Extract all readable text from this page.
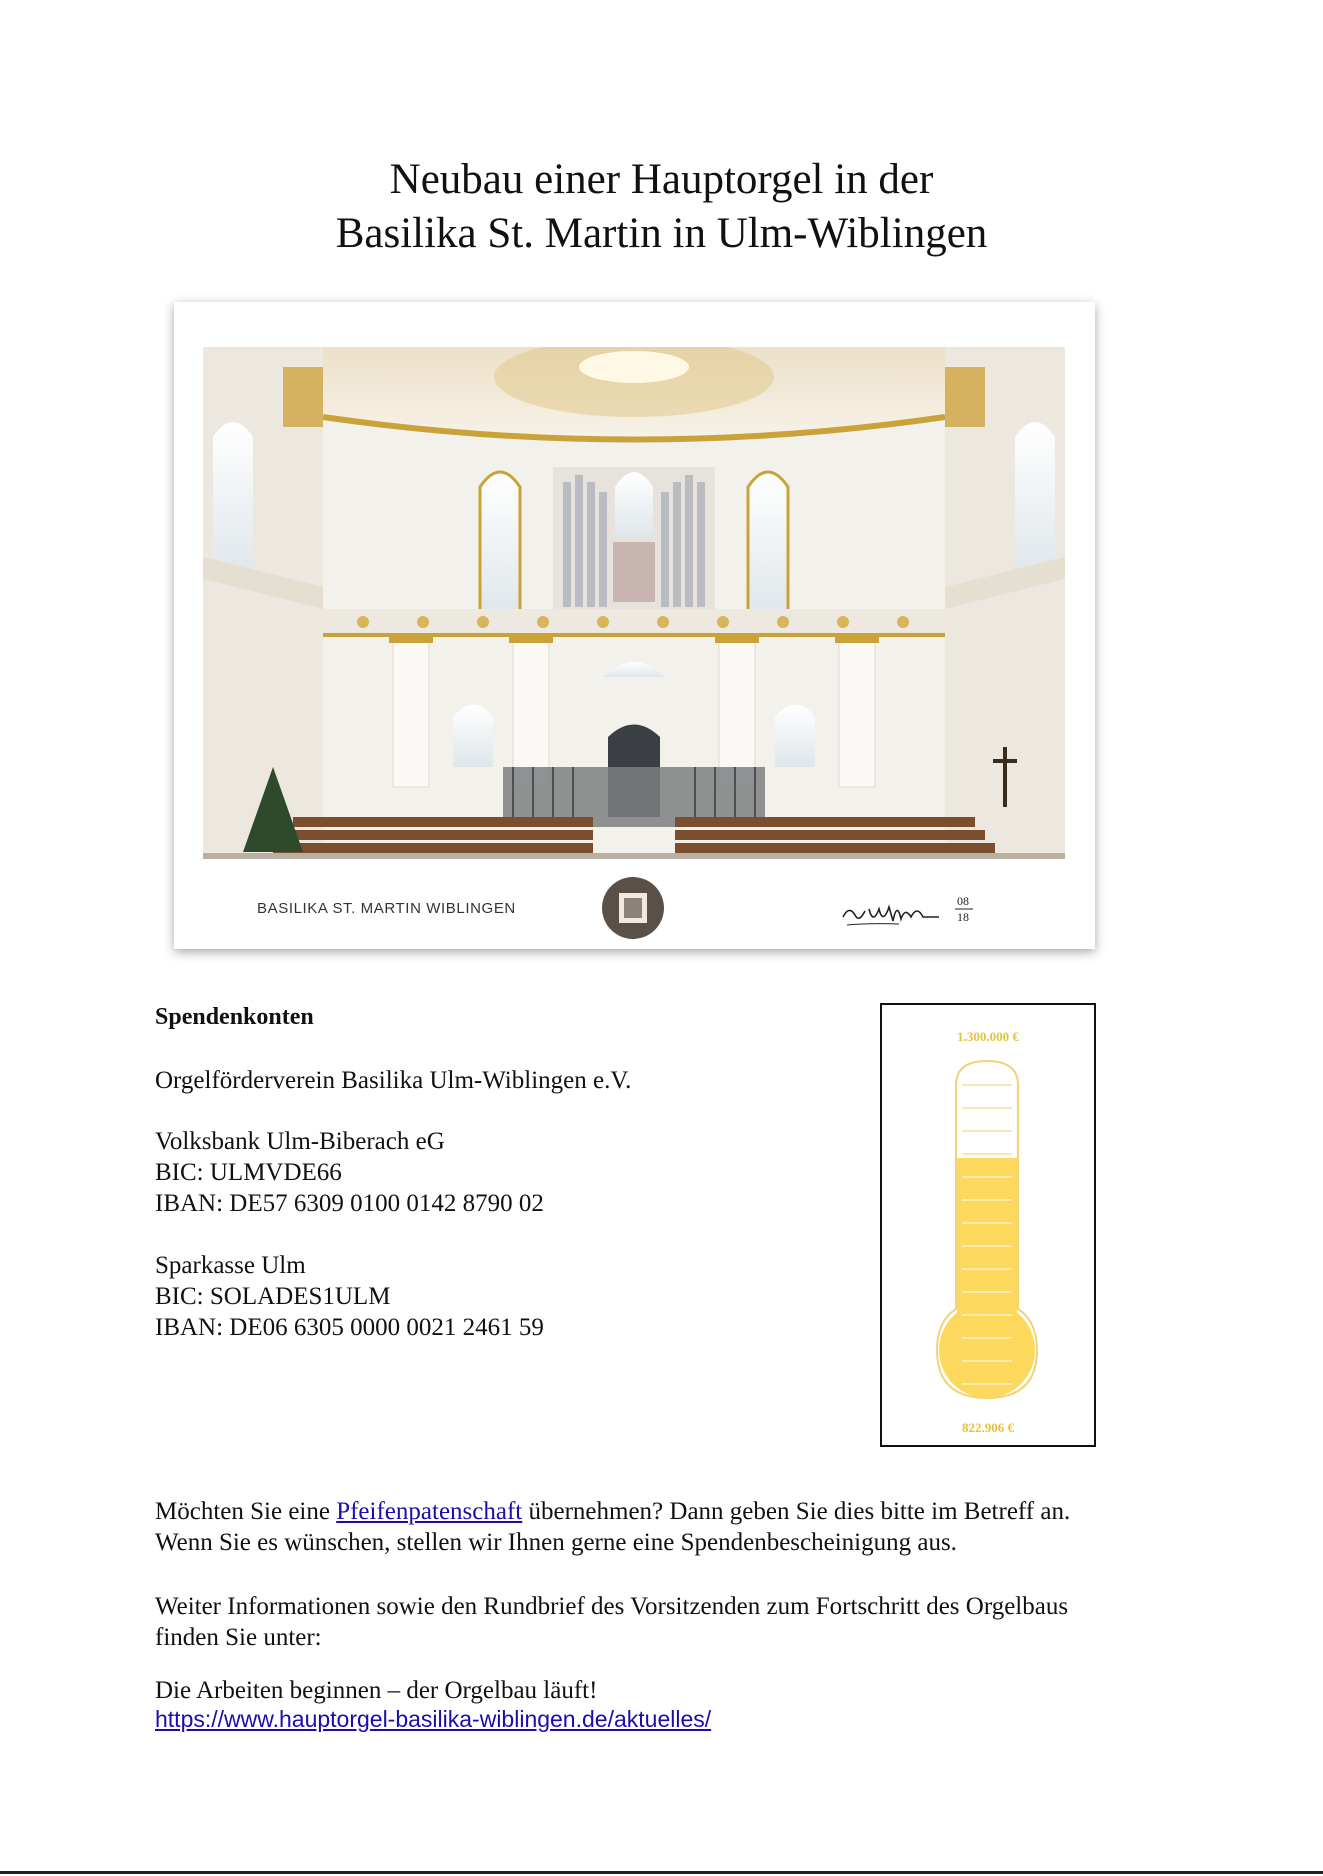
Neubau einer Hauptorgel in der
Basilika St. Martin in Ulm-Wiblingen
BASILIKA ST. MARTIN WIBLINGEN	08
18
Spendenkonten
Orgelförderverein Basilika Ulm-Wiblingen e.V.
Volksbank Ulm-Biberach eG
BIC: ULMVDE66
IBAN: DE57 6309 0100 0142 8790 02
Sparkasse Ulm
BIC: SOLADES1ULM
IBAN: DE06 6305 0000 0021 2461 59
1.300.000 €
822.906 €
Möchten Sie eine Pfeifenpatenschaft übernehmen? Dann geben Sie dies bitte im Betreff an.
Wenn Sie es wünschen, stellen wir Ihnen gerne eine Spendenbescheinigung aus.
Weiter Informationen sowie den Rundbrief des Vorsitzenden zum Fortschritt des Orgelbaus
finden Sie unter:
Die Arbeiten beginnen – der Orgelbau läuft!
https://www.hauptorgel-basilika-wiblingen.de/aktuelles/
